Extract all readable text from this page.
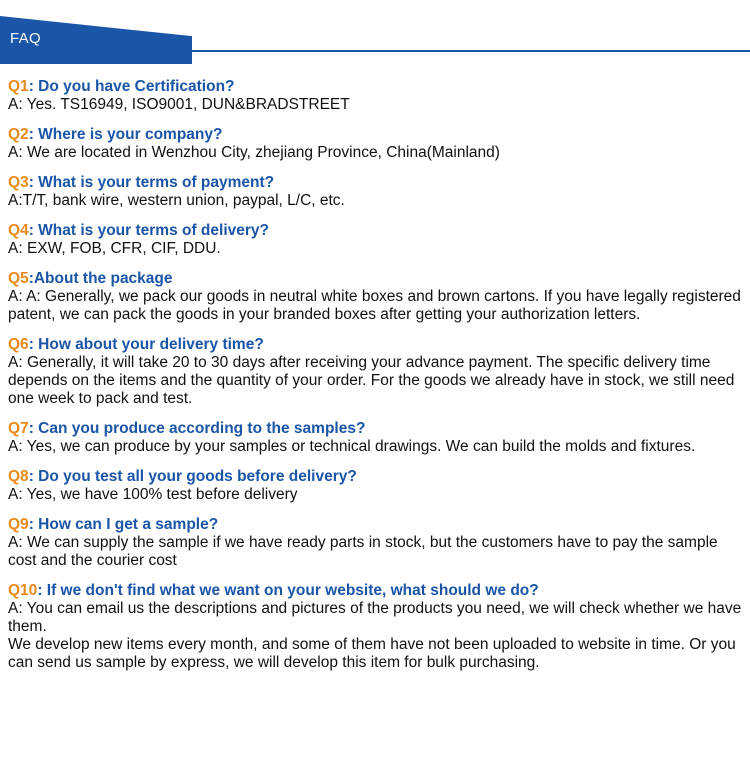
FAQ
Q1: Do you have Certification?
A: Yes. TS16949, ISO9001, DUN&BRADSTREET
Q2: Where is your company?
A: We are located in Wenzhou City, zhejiang Province, China(Mainland)
Q3: What is your terms of payment?
A:T/T, bank wire, western union, paypal, L/C, etc.
Q4: What is your terms of delivery?
A: EXW, FOB, CFR, CIF, DDU.
Q5:About the package
A: A: Generally, we pack our goods in neutral white boxes and brown cartons. If you have legally registered patent, we can pack the goods in your branded boxes after getting your authorization letters.
Q6: How about your delivery time?
A: Generally, it will take 20 to 30 days after receiving your advance payment. The specific delivery time depends on the items and the quantity of your order. For the goods we already have in stock, we still need one week to pack and test.
Q7: Can you produce according to the samples?
A: Yes, we can produce by your samples or technical drawings. We can build the molds and fixtures.
Q8: Do you test all your goods before delivery?
A: Yes, we have 100% test before delivery
Q9: How can I get a sample?
A: We can supply the sample if we have ready parts in stock, but the customers have to pay the sample cost and the courier cost
Q10: If we don't find what we want on your website, what should we do?
A: You can email us the descriptions and pictures of the products you need, we will check whether we have them.
We develop new items every month, and some of them have not been uploaded to website in time. Or you can send us sample by express, we will develop this item for bulk purchasing.
